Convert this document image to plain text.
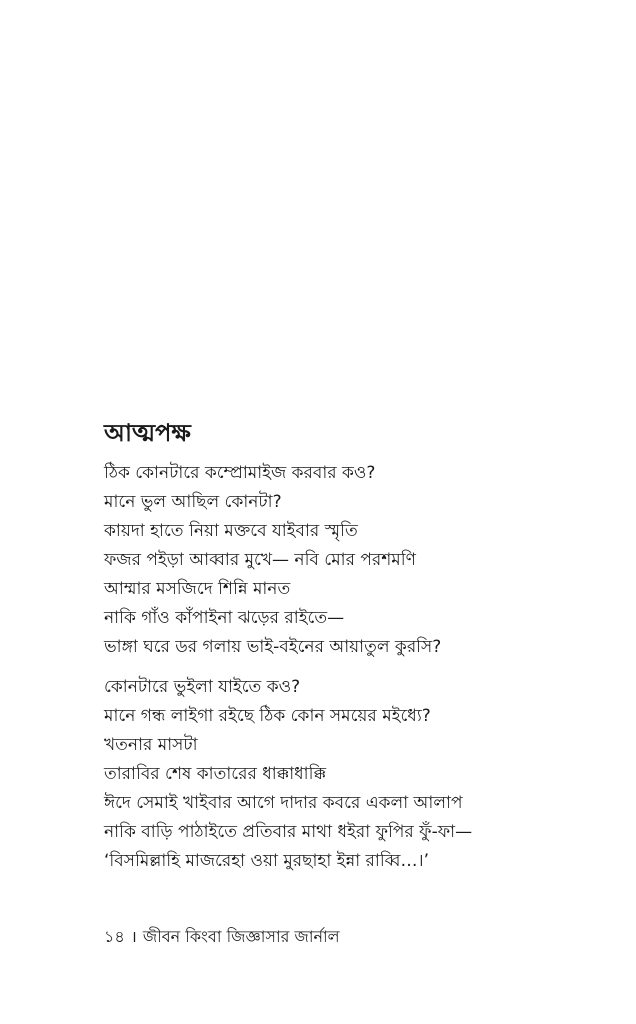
আত্মপক্ষ
ঠিক কোনটারে কম্প্রোমাইজ করবার কও?
মানে ভুল আছিল কোনটা?
কায়দা হাতে নিয়া মক্তবে যাইবার স্মৃতি
ফজর পইড়া আব্বার মুখে— নবি মোর পরশমণি
আম্মার মসজিদে শিন্নি মানত
নাকি গাঁও কাঁপাইনা ঝড়ের রাইতে—
ভাঙ্গা ঘরে ডর গলায় ভাই-বইনের আয়াতুল কুরসি?
কোনটারে ভুইলা যাইতে কও?
মানে গন্ধ লাইগা রইছে ঠিক কোন সময়ের মইধ্যে?
খতনার মাসটা
তারাবির শেষ কাতারের ধাক্কাধাক্কি
ঈদে সেমাই খাইবার আগে দাদার কবরে একলা আলাপ
নাকি বাড়ি পাঠাইতে প্রতিবার মাথা ধইরা ফুপির ফুঁ-ফা—
‘বিসমিল্লাহি মাজরেহা ওয়া মুরছাহা ইন্না রাব্বি…।’
১৪ । জীবন কিংবা জিজ্ঞাসার জার্নাল
